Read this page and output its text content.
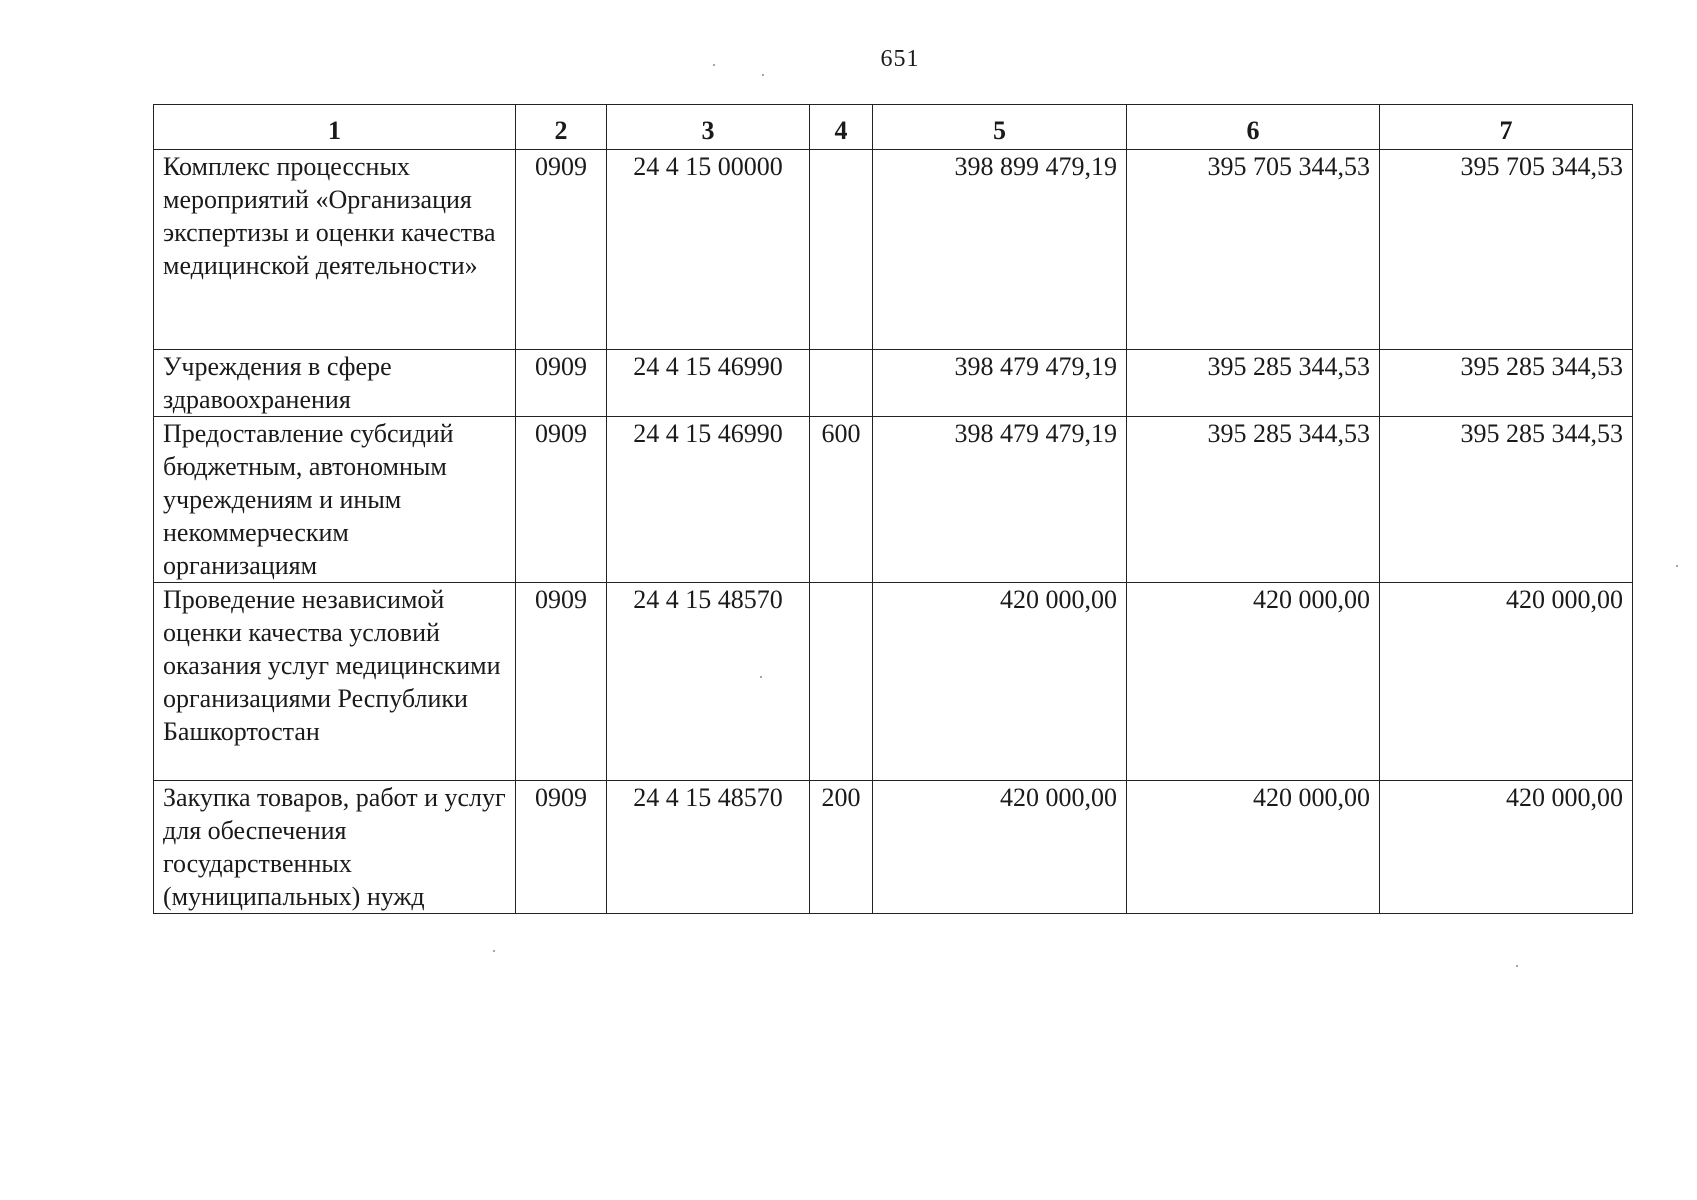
651
1	2	3	4	5	6	7
Комплекс процессных мероприятий «Организация экспертизы и оценки качества медицинской деятельности»	0909	24 4 15 00000		398 899 479,19	395 705 344,53	395 705 344,53
Учреждения в сфере здравоохранения	0909	24 4 15 46990		398 479 479,19	395 285 344,53	395 285 344,53
Предоставление субсидий бюджетным, автономным учреждениям и иным некоммерческим организациям	0909	24 4 15 46990	600	398 479 479,19	395 285 344,53	395 285 344,53
Проведение независимой оценки качества условий оказания услуг медицинскими организациями Республики Башкортостан	0909	24 4 15 48570		420 000,00	420 000,00	420 000,00
Закупка товаров, работ и услуг для обеспечения государственных (муниципальных) нужд	0909	24 4 15 48570	200	420 000,00	420 000,00	420 000,00
